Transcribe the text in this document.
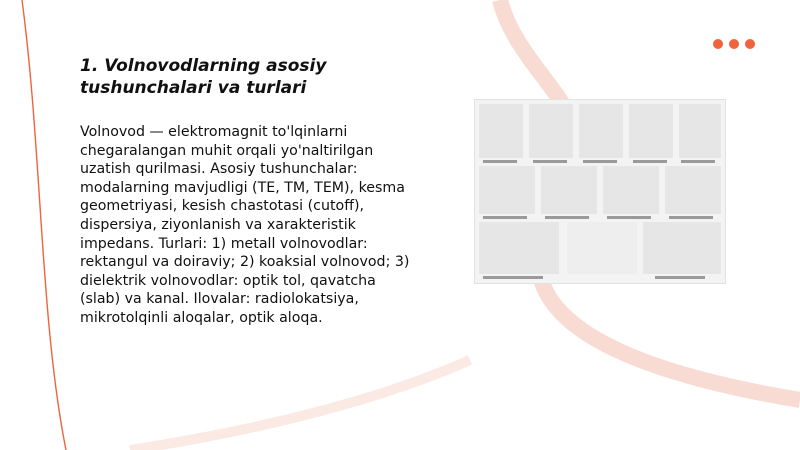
1. Volnovodlarning asosiy tushunchalari va turlari

Volnovod — elektromagnit to'lqinlarni chegaralangan muhit orqali yo'naltirilgan uzatish qurilmasi. Asosiy tushunchalar: modalarning mavjudligi (TE, TM, TEM), kesma geometriyasi, kesish chastotasi (cutoff), dispersiya, ziyonlanish va xarakteristik impedans. Turlari: 1) metall volnovodlar: rektangul va doiraviy; 2) koaksial volnovod; 3) dielektrik volnovodlar: optik tol, qavatcha (slab) va kanal. Ilovalar: radiolokatsiya, mikrotolqinli aloqalar, optik aloqa.
